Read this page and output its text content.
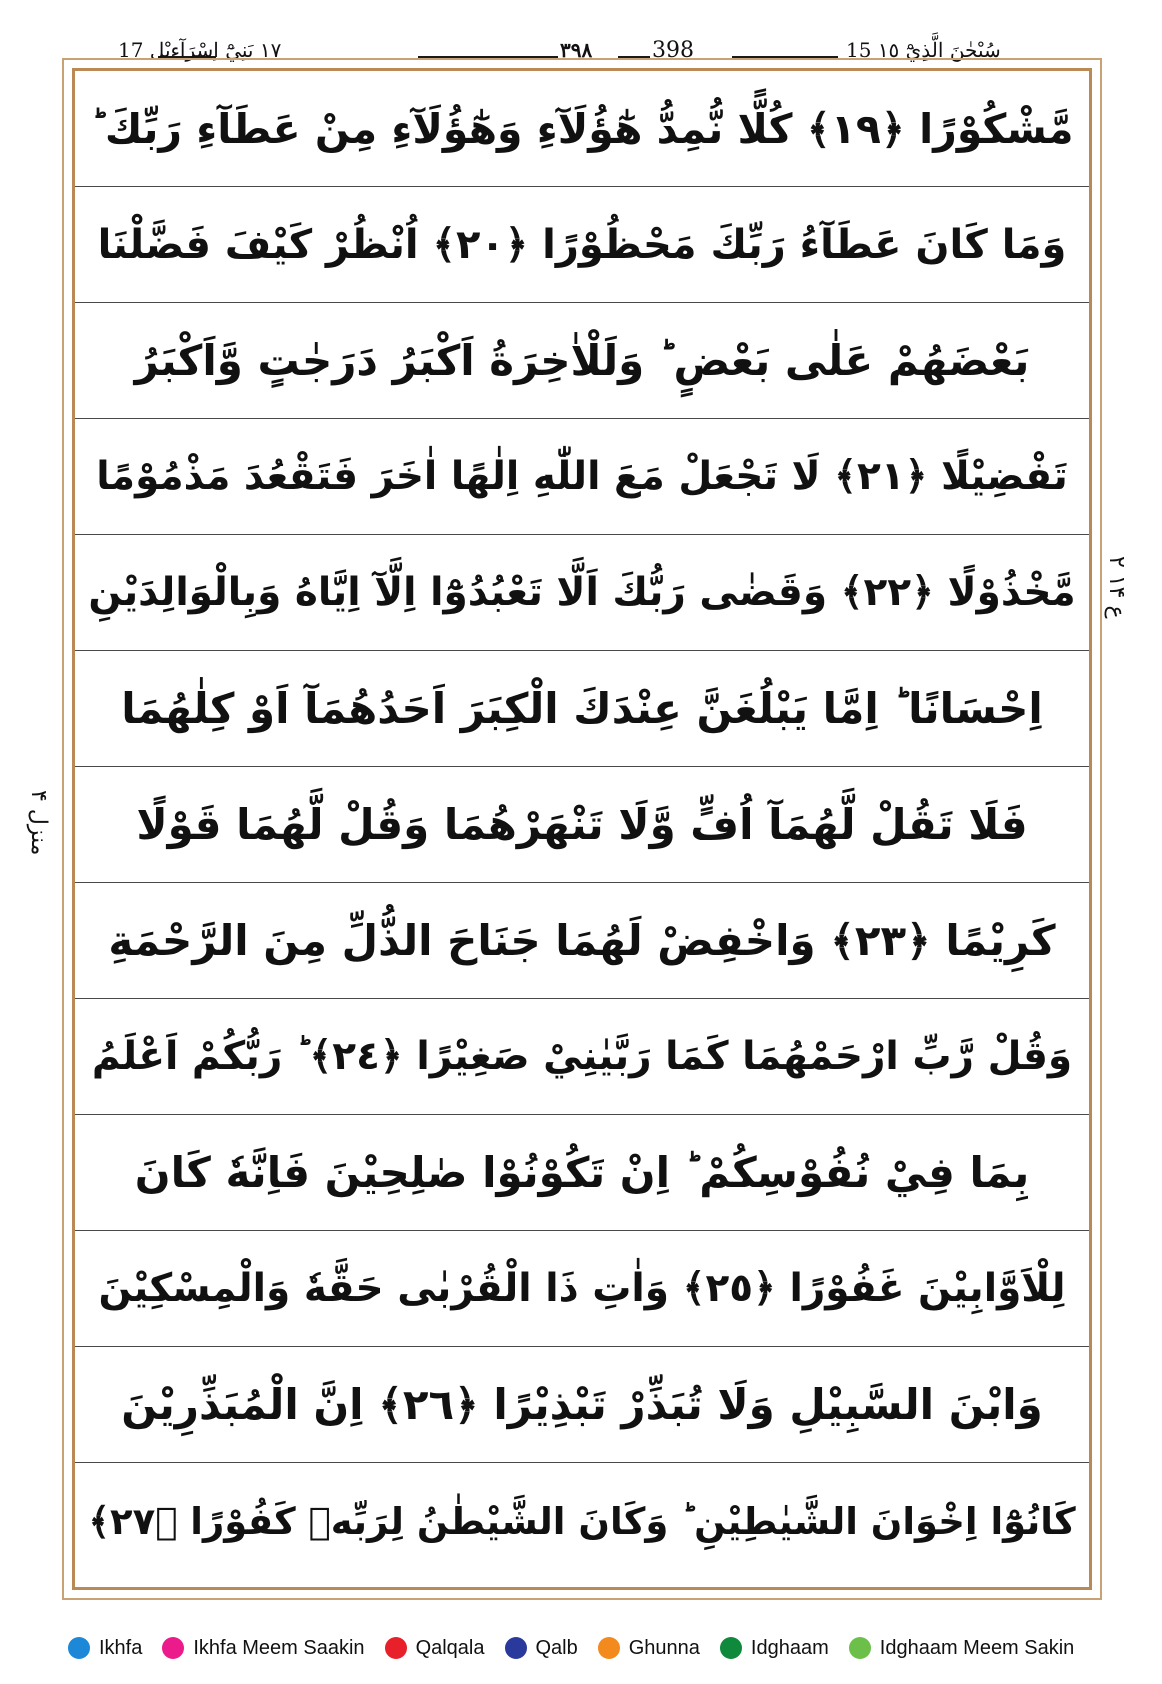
١٧ بَنِيْٓ اِسْرَآءِيْل 17	٣٩٨	398	15 سُبْحٰنَ الَّذِيْٓ ١٥
مَّشْكُوْرًا ﴿١٩﴾ كُلًّا نُّمِدُّ هٰٓؤُلَآءِ وَهٰٓؤُلَآءِ مِنْ عَطَآءِ رَبِّكَ ؕ
وَمَا كَانَ عَطَآءُ رَبِّكَ مَحْظُوْرًا ﴿٢٠﴾ اُنْظُرْ كَيْفَ فَضَّلْنَا
بَعْضَهُمْ عَلٰى بَعْضٍ ؕ وَلَلْاٰخِرَةُ اَكْبَرُ دَرَجٰتٍ وَّاَكْبَرُ
تَفْضِيْلًا ﴿٢١﴾ لَا تَجْعَلْ مَعَ اللّٰهِ اِلٰهًا اٰخَرَ فَتَقْعُدَ مَذْمُوْمًا
مَّخْذُوْلًا ﴿٢٢﴾ وَقَضٰى رَبُّكَ اَلَّا تَعْبُدُوْٓا اِلَّآ اِيَّاهُ وَبِالْوَالِدَيْنِ
اِحْسَانًا ؕ اِمَّا يَبْلُغَنَّ عِنْدَكَ الْكِبَرَ اَحَدُهُمَآ اَوْ كِلٰهُمَا
فَلَا تَقُلْ لَّهُمَآ اُفٍّ وَّلَا تَنْهَرْهُمَا وَقُلْ لَّهُمَا قَوْلًا
كَرِيْمًا ﴿٢٣﴾ وَاخْفِضْ لَهُمَا جَنَاحَ الذُّلِّ مِنَ الرَّحْمَةِ
وَقُلْ رَّبِّ ارْحَمْهُمَا كَمَا رَبَّيٰنِيْ صَغِيْرًا ﴿٢٤﴾ ؕ رَبُّكُمْ اَعْلَمُ
بِمَا فِيْ نُفُوْسِكُمْ ؕ اِنْ تَكُوْنُوْا صٰلِحِيْنَ فَاِنَّهٗ كَانَ
لِلْاَوَّابِيْنَ غَفُوْرًا ﴿٢٥﴾ وَاٰتِ ذَا الْقُرْبٰى حَقَّهٗ وَالْمِسْكِيْنَ
وَابْنَ السَّبِيْلِ وَلَا تُبَذِّرْ تَبْذِيْرًا ﴿٢٦﴾ اِنَّ الْمُبَذِّرِيْنَ
كَانُوْٓا اِخْوَانَ الشَّيٰطِيْنِ ؕ وَكَانَ الشَّيْطٰنُ لِرَبِّهٖ كَفُوْرًا ﴿٢٧﴾
ع ۱۴ ۲
منزل ۴
Ikhfa	Ikhfa Meem Saakin	Qalqala	Qalb	Ghunna	Idghaam	Idghaam Meem Sakin
